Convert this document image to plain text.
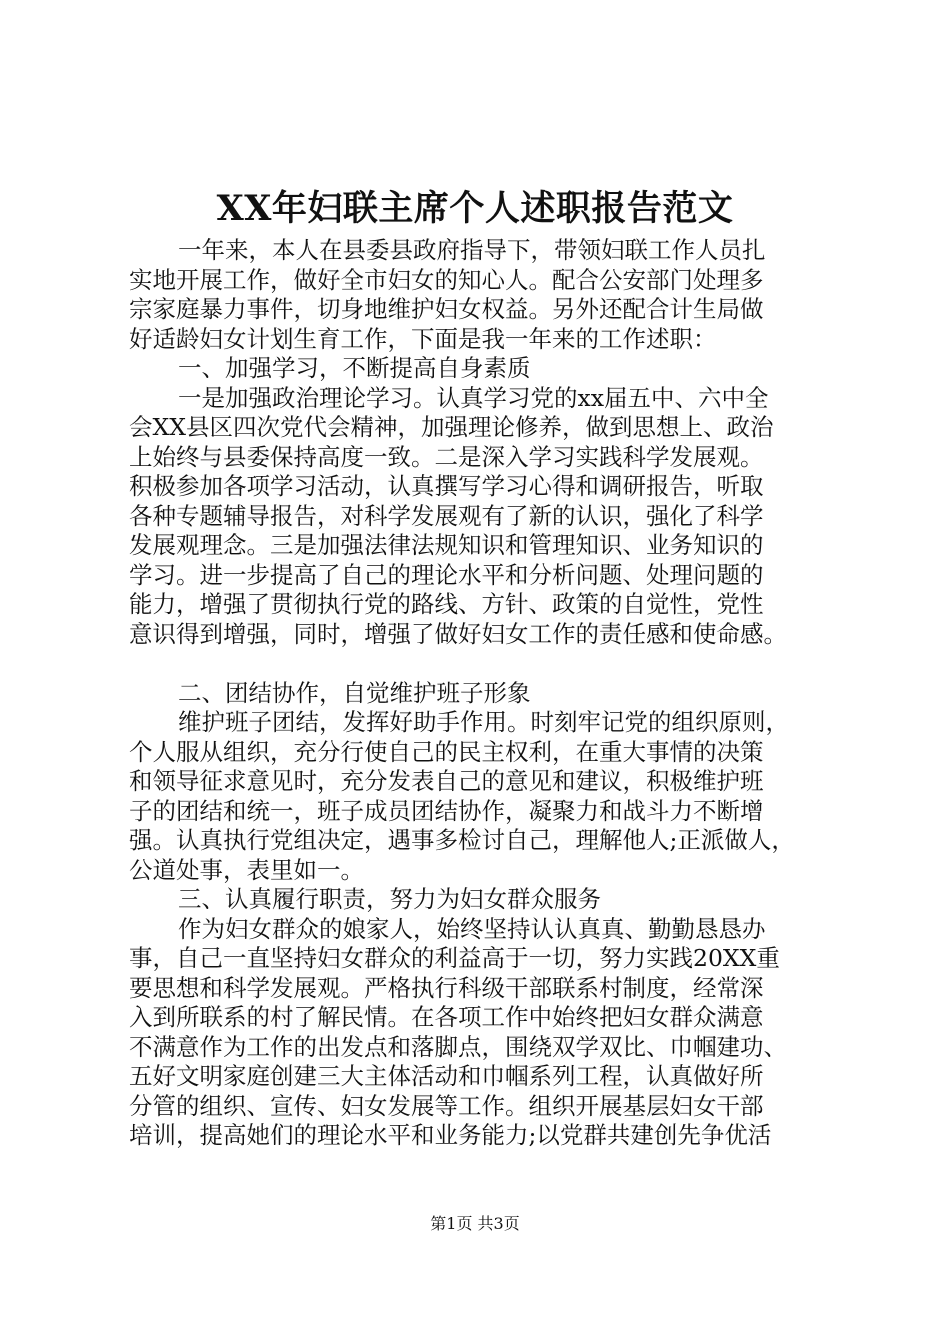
XX年妇联主席个人述职报告范文
一年来，本人在县委县政府指导下，带领妇联工作人员扎
实地开展工作，做好全市妇女的知心人。配合公安部门处理多
宗家庭暴力事件，切身地维护妇女权益。另外还配合计生局做
好适龄妇女计划生育工作，下面是我一年来的工作述职：
一、加强学习，不断提高自身素质
一是加强政治理论学习。认真学习党的xx届五中、六中全
会XX县区四次党代会精神，加强理论修养，做到思想上、政治
上始终与县委保持高度一致。二是深入学习实践科学发展观。
积极参加各项学习活动，认真撰写学习心得和调研报告，听取
各种专题辅导报告，对科学发展观有了新的认识，强化了科学
发展观理念。三是加强法律法规知识和管理知识、业务知识的
学习。进一步提高了自己的理论水平和分析问题、处理问题的
能力，增强了贯彻执行党的路线、方针、政策的自觉性，党性
意识得到增强，同时，增强了做好妇女工作的责任感和使命感。
二、团结协作，自觉维护班子形象
维护班子团结，发挥好助手作用。时刻牢记党的组织原则，
个人服从组织，充分行使自己的民主权利，在重大事情的决策
和领导征求意见时，充分发表自己的意见和建议，积极维护班
子的团结和统一，班子成员团结协作，凝聚力和战斗力不断增
强。认真执行党组决定，遇事多检讨自己，理解他人;正派做人，
公道处事，表里如一。
三、认真履行职责，努力为妇女群众服务
作为妇女群众的娘家人，始终坚持认认真真、勤勤恳恳办
事，自己一直坚持妇女群众的利益高于一切，努力实践20XX重
要思想和科学发展观。严格执行科级干部联系村制度，经常深
入到所联系的村了解民情。在各项工作中始终把妇女群众满意
不满意作为工作的出发点和落脚点，围绕双学双比、巾帼建功、
五好文明家庭创建三大主体活动和巾帼系列工程，认真做好所
分管的组织、宣传、妇女发展等工作。组织开展基层妇女干部
培训，提高她们的理论水平和业务能力;以党群共建创先争优活
第1页 共3页
